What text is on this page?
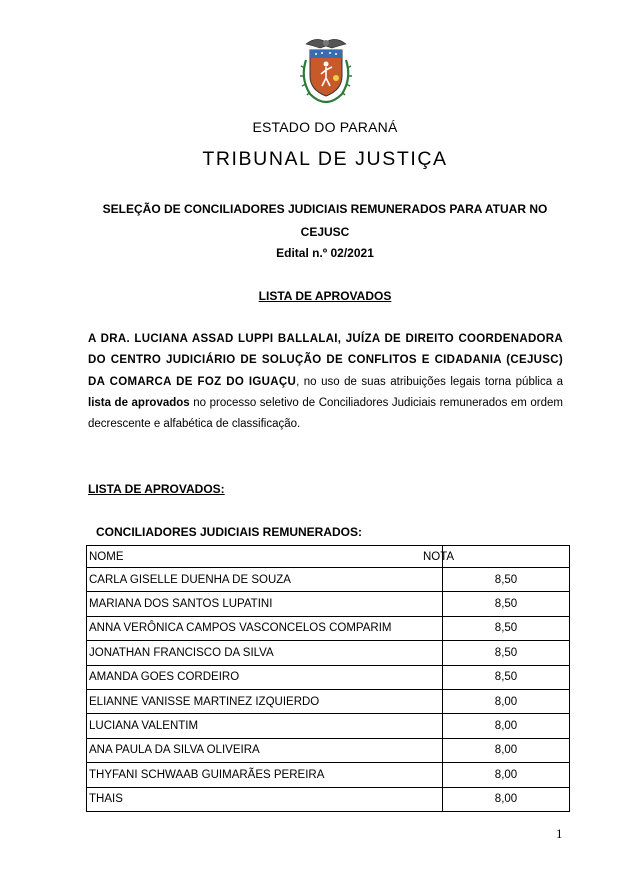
ESTADO DO PARANÁ
TRIBUNAL DE JUSTIÇA
SELEÇÃO DE CONCILIADORES JUDICIAIS REMUNERADOS PARA ATUAR NO
CEJUSC
Edital n.º 02/2021
LISTA DE APROVADOS
A DRA. LUCIANA ASSAD LUPPI BALLALAI, JUÍZA DE DIREITO COORDENADORA DO CENTRO JUDICIÁRIO DE SOLUÇÃO DE CONFLITOS E CIDADANIA (CEJUSC) DA COMARCA DE FOZ DO IGUAÇU, no uso de suas atribuições legais torna pública a lista de aprovados no processo seletivo de Conciliadores Judiciais remunerados em ordem decrescente e alfabética de classificação.
LISTA DE APROVADOS:
CONCILIADORES JUDICIAIS REMUNERADOS:
NOME	NOTA
CARLA GISELLE DUENHA DE SOUZA	8,50
MARIANA DOS SANTOS LUPATINI	8,50
ANNA VERÔNICA CAMPOS VASCONCELOS COMPARIM	8,50
JONATHAN FRANCISCO DA SILVA	8,50
AMANDA GOES CORDEIRO	8,50
ELIANNE VANISSE MARTINEZ IZQUIERDO	8,00
LUCIANA VALENTIM	8,00
ANA PAULA DA SILVA OLIVEIRA	8,00
THYFANI SCHWAAB GUIMARÃES PEREIRA	8,00
THAIS	8,00
1
